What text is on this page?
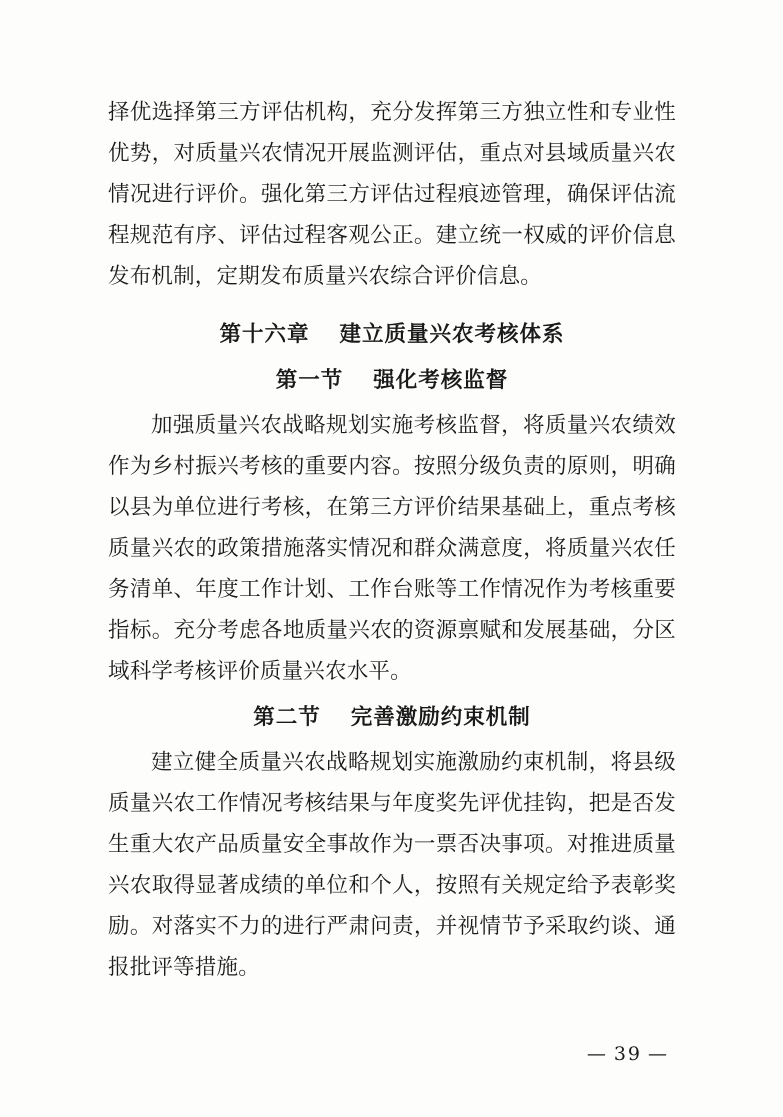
择优选择第三方评估机构，充分发挥第三方独立性和专业性优势，对质量兴农情况开展监测评估，重点对县域质量兴农情况进行评价。强化第三方评估过程痕迹管理，确保评估流程规范有序、评估过程客观公正。建立统一权威的评价信息发布机制，定期发布质量兴农综合评价信息。

第十六章 建立质量兴农考核体系
第一节 强化考核监督

加强质量兴农战略规划实施考核监督，将质量兴农绩效作为乡村振兴考核的重要内容。按照分级负责的原则，明确以县为单位进行考核，在第三方评价结果基础上，重点考核质量兴农的政策措施落实情况和群众满意度，将质量兴农任务清单、年度工作计划、工作台账等工作情况作为考核重要指标。充分考虑各地质量兴农的资源禀赋和发展基础，分区域科学考核评价质量兴农水平。

第二节 完善激励约束机制

建立健全质量兴农战略规划实施激励约束机制，将县级质量兴农工作情况考核结果与年度奖先评优挂钩，把是否发生重大农产品质量安全事故作为一票否决事项。对推进质量兴农取得显著成绩的单位和个人，按照有关规定给予表彰奖励。对落实不力的进行严肃问责，并视情节予采取约谈、通报批评等措施。

— 39 —
